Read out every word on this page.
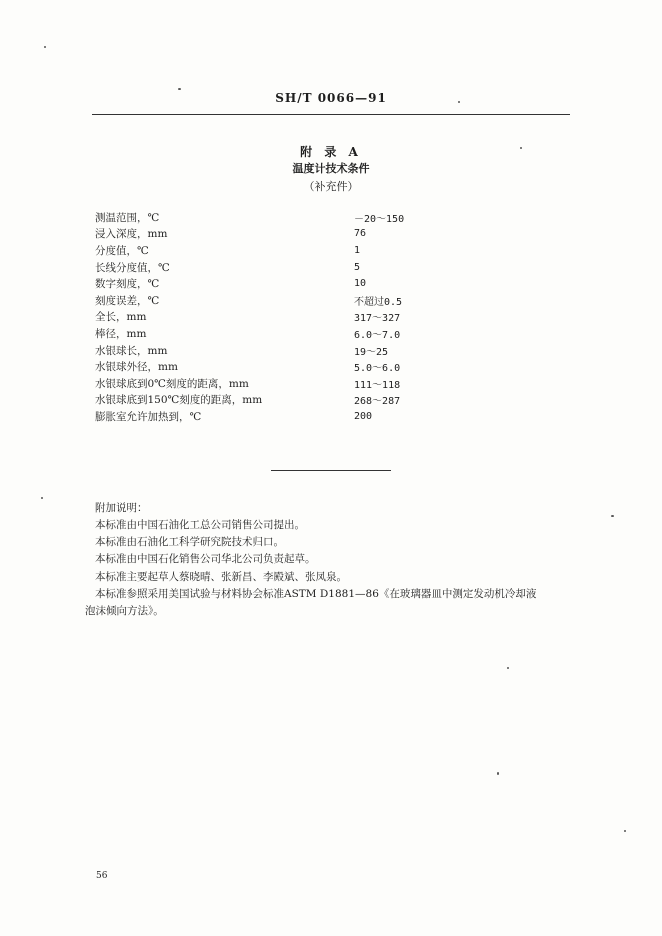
SH/T 0066—91
附 录 A
温度计技术条件
（补充件）
测温范围，℃	－20～150
浸入深度，mm	76
分度值，℃	1
长线分度值，℃	5
数字刻度，℃	10
刻度误差，℃	不超过0.5
全长，mm	317～327
棒径，mm	6.0～7.0
水银球长，mm	19～25
水银球外径，mm	5.0～6.0
水银球底到0℃刻度的距离，mm	111～118
水银球底到150℃刻度的距离，mm	268～287
膨胀室允许加热到，℃	200
附加说明：
本标准由中国石油化工总公司销售公司提出。
本标准由石油化工科学研究院技术归口。
本标准由中国石化销售公司华北公司负责起草。
本标准主要起草人蔡晓晴、张新昌、李殿斌、张凤泉。
本标准参照采用美国试验与材料协会标准ASTM D1881—86《在玻璃器皿中测定发动机冷却液
泡沫倾向方法》。
56
